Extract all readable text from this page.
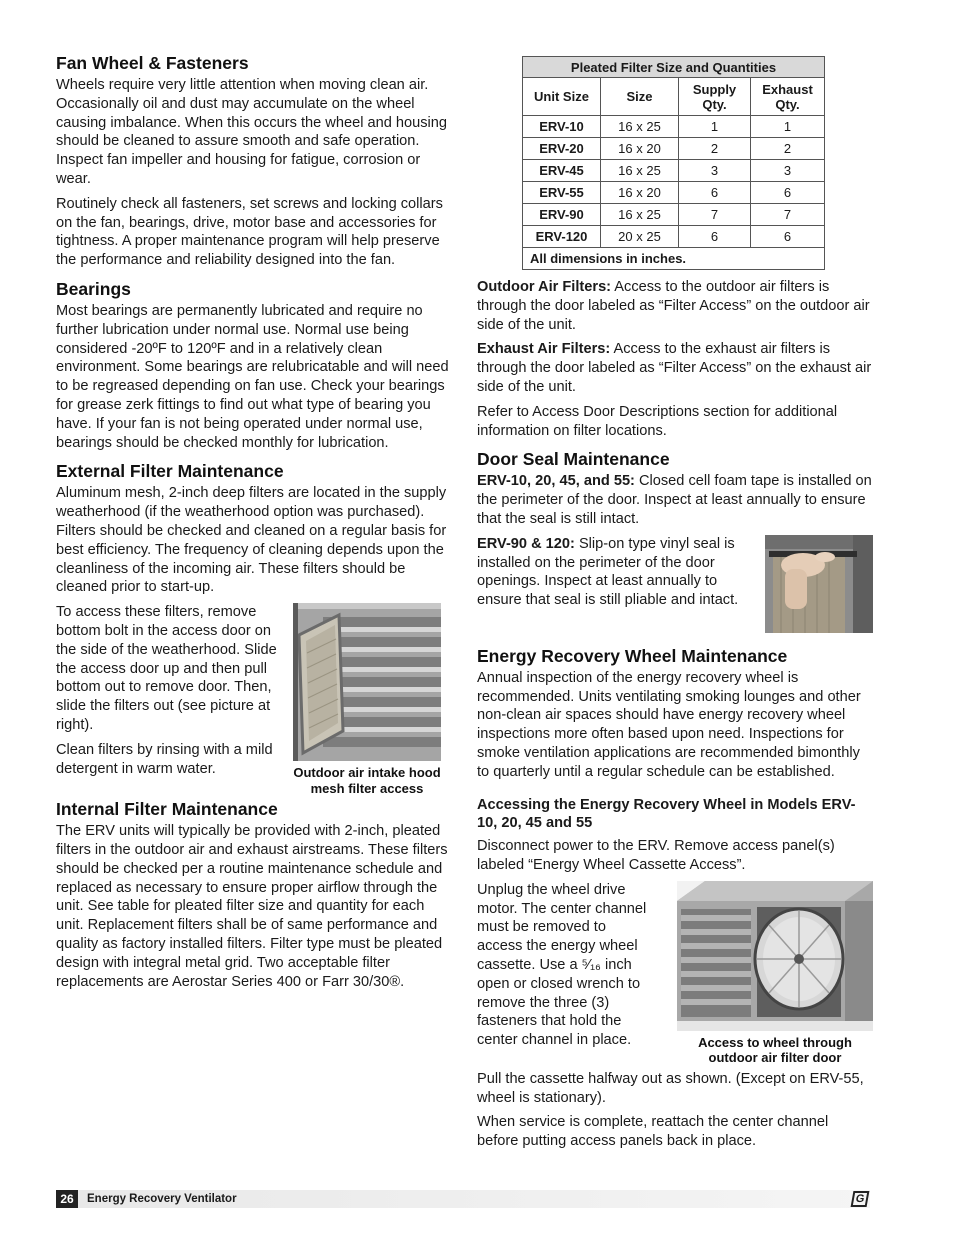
Fan Wheel & Fasteners

Wheels require very little attention when moving clean air. Occasionally oil and dust may accumulate on the wheel causing imbalance. When this occurs the wheel and housing should be cleaned to assure smooth and safe operation. Inspect fan impeller and housing for fatigue, corrosion or wear.

Routinely check all fasteners, set screws and locking collars on the fan, bearings, drive, motor base and accessories for tightness. A proper maintenance program will help preserve the performance and reliability designed into the fan.

Bearings

Most bearings are permanently lubricated and require no further lubrication under normal use. Normal use being considered -20ºF to 120ºF and in a relatively clean environment. Some bearings are relubricatable and will need to be regreased depending on fan use. Check your bearings for grease zerk fittings to find out what type of bearing you have. If your fan is not being operated under normal use, bearings should be checked monthly for lubrication.

External Filter Maintenance

Aluminum mesh, 2-inch deep filters are located in the supply weatherhood (if the weatherhood option was purchased). Filters should be checked and cleaned on a regular basis for best efficiency. The frequency of cleaning depends upon the cleanliness of the incoming air. These filters should be cleaned prior to start-up.

Outdoor air intake hood mesh filter access

To access these filters, remove bottom bolt in the access door on the side of the weatherhood. Slide the access door up and then pull bottom out to remove door. Then, slide the filters out (see picture at right).

Clean filters by rinsing with a mild detergent in warm water.

Internal Filter Maintenance

The ERV units will typically be provided with 2-inch, pleated filters in the outdoor air and exhaust airstreams. These filters should be checked per a routine maintenance schedule and replaced as necessary to ensure proper airflow through the unit. See table for pleated filter size and quantity for each unit. Replacement filters shall be of same performance and quality as factory installed filters. Filter type must be pleated design with integral metal grid. Two acceptable filter replacements are Aerostar Series 400 or Farr 30/30®.

Pleated Filter Size and Quantities			
Unit Size	Size	Supply Qty.	Exhaust Qty.
ERV-10	16 x 25	1	1
ERV-20	16 x 20	2	2
ERV-45	16 x 25	3	3
ERV-55	16 x 20	6	6
ERV-90	16 x 25	7	7
ERV-120	20 x 25	6	6
All dimensions in inches.			

Outdoor Air Filters: Access to the outdoor air filters is through the door labeled as “Filter Access” on the outdoor air side of the unit.

Exhaust Air Filters: Access to the exhaust air filters is through the door labeled as “Filter Access” on the exhaust air side of the unit.

Refer to Access Door Descriptions section for additional information on filter locations.

Door Seal Maintenance

ERV-10, 20, 45, and 55: Closed cell foam tape is installed on the perimeter of the door. Inspect at least annually to ensure that the seal is still intact.

ERV-90 & 120: Slip-on type vinyl seal is installed on the perimeter of the door openings. Inspect at least annually to ensure that seal is still pliable and intact.

Energy Recovery Wheel Maintenance

Annual inspection of the energy recovery wheel is recommended. Units ventilating smoking lounges and other non-clean air spaces should have energy recovery wheel inspections more often based upon need. Inspections for smoke ventilation applications are recommended bimonthly to quarterly until a regular schedule can be established.

Accessing the Energy Recovery Wheel in Models ERV-10, 20, 45 and 55

Disconnect power to the ERV. Remove access panel(s) labeled “Energy Wheel Cassette Access”.

Access to wheel through outdoor air filter door

Unplug the wheel drive motor. The center channel must be removed to access the energy wheel cassette. Use a ⁵⁄₁₆ inch open or closed wrench to remove the three (3) fasteners that hold the center channel in place.

Pull the cassette halfway out as shown. (Except on ERV-55, wheel is stationary).

When service is complete, reattach the center channel before putting access panels back in place.

26	Energy Recovery Ventilator	G
